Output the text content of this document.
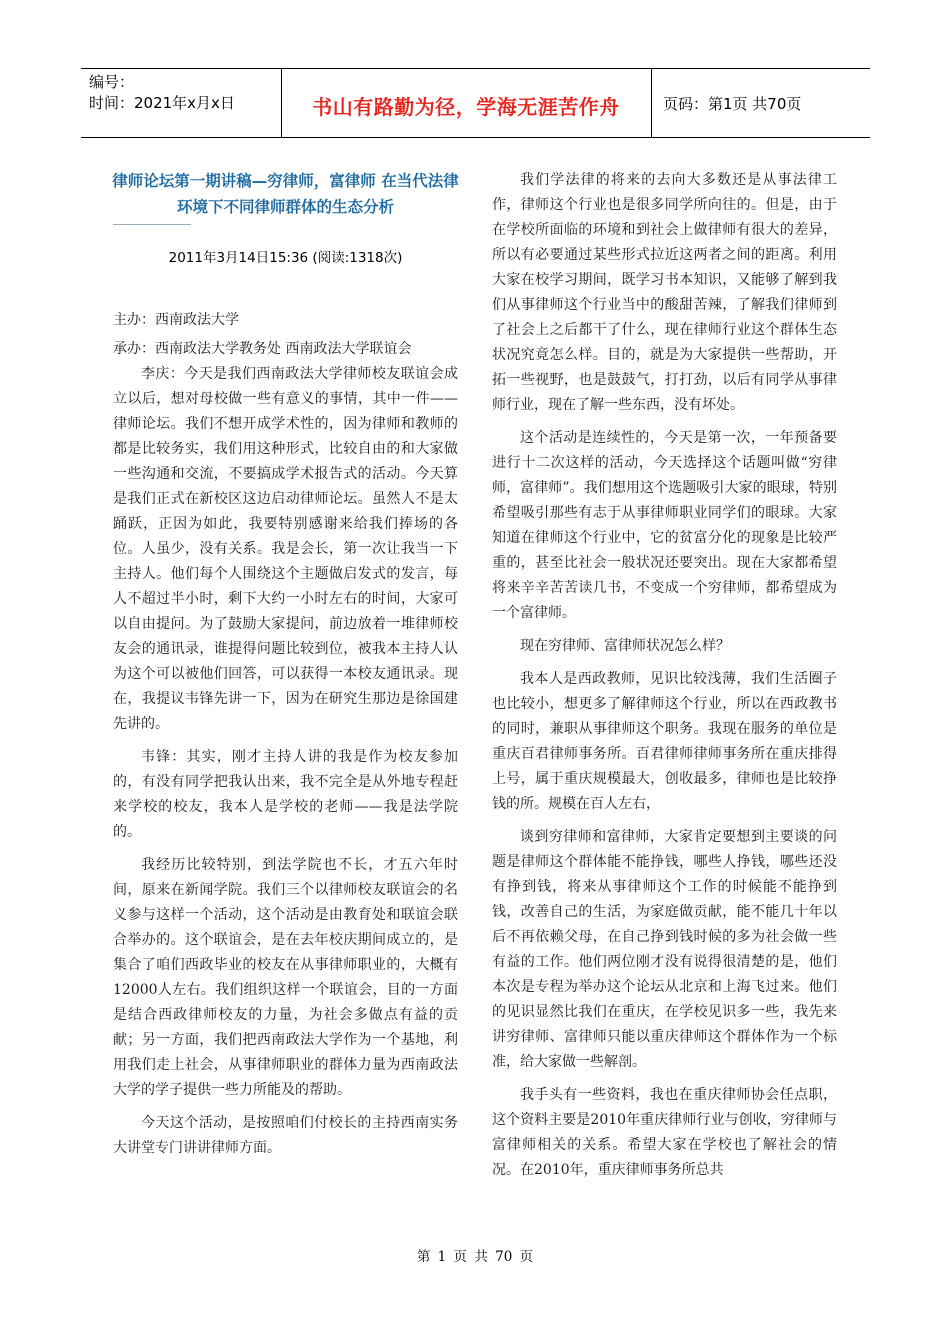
编号：
时间：2021年x月x日	书山有路勤为径，学海无涯苦作舟	页码：第1页 共70页
律师论坛第一期讲稿—穷律师，富律师 在当代法律环境下不同律师群体的生态分析
2011年3月14日15:36 (阅读:1318次)
主办：西南政法大学
承办：西南政法大学教务处 西南政法大学联谊会

李庆：今天是我们西南政法大学律师校友联谊会成立以后，想对母校做一些有意义的事情，其中一件——律师论坛。我们不想开成学术性的，因为律师和教师的都是比较务实，我们用这种形式，比较自由的和大家做一些沟通和交流，不要搞成学术报告式的活动。今天算是我们正式在新校区这边启动律师论坛。虽然人不是太踊跃，正因为如此，我要特别感谢来给我们捧场的各位。人虽少，没有关系。我是会长，第一次让我当一下主持人。他们每个人围绕这个主题做启发式的发言，每人不超过半小时，剩下大约一小时左右的时间，大家可以自由提问。为了鼓励大家提问，前边放着一堆律师校友会的通讯录，谁提得问题比较到位，被我本主持人认为这个可以被他们回答，可以获得一本校友通讯录。现在，我提议韦锋先讲一下，因为在研究生那边是徐国建先讲的。

韦锋：其实，刚才主持人讲的我是作为校友参加的，有没有同学把我认出来，我不完全是从外地专程赶来学校的校友，我本人是学校的老师——我是法学院的。

我经历比较特别，到法学院也不长，才五六年时间，原来在新闻学院。我们三个以律师校友联谊会的名义参与这样一个活动，这个活动是由教育处和联谊会联合举办的。这个联谊会，是在去年校庆期间成立的，是集合了咱们西政毕业的校友在从事律师职业的，大概有12000人左右。我们组织这样一个联谊会，目的一方面是结合西政律师校友的力量，为社会多做点有益的贡献；另一方面，我们把西南政法大学作为一个基地，利用我们走上社会，从事律师职业的群体力量为西南政法大学的学子提供一些力所能及的帮助。

今天这个活动，是按照咱们付校长的主持西南实务大讲堂专门讲讲律师方面。

我们学法律的将来的去向大多数还是从事法律工作，律师这个行业也是很多同学所向往的。但是，由于在学校所面临的环境和到社会上做律师有很大的差异，所以有必要通过某些形式拉近这两者之间的距离。利用大家在校学习期间，既学习书本知识，又能够了解到我们从事律师这个行业当中的酸甜苦辣，了解我们律师到了社会上之后都干了什么，现在律师行业这个群体生态状况究竟怎么样。目的，就是为大家提供一些帮助，开拓一些视野，也是鼓鼓气，打打劲，以后有同学从事律师行业，现在了解一些东西，没有坏处。

这个活动是连续性的，今天是第一次，一年预备要进行十二次这样的活动，今天选择这个话题叫做“穷律师，富律师”。我们想用这个选题吸引大家的眼球，特别希望吸引那些有志于从事律师职业同学们的眼球。大家知道在律师这个行业中，它的贫富分化的现象是比较严重的，甚至比社会一般状况还要突出。现在大家都希望将来辛辛苦苦读几书，不变成一个穷律师，都希望成为一个富律师。

现在穷律师、富律师状况怎么样？

我本人是西政教师，见识比较浅薄，我们生活圈子也比较小，想更多了解律师这个行业，所以在西政教书的同时，兼职从事律师这个职务。我现在服务的单位是重庆百君律师事务所。百君律师律师事务所在重庆排得上号，属于重庆规模最大，创收最多，律师也是比较挣钱的所。规模在百人左右，

谈到穷律师和富律师，大家肯定要想到主要谈的问题是律师这个群体能不能挣钱，哪些人挣钱，哪些还没有挣到钱，将来从事律师这个工作的时候能不能挣到钱，改善自己的生活，为家庭做贡献，能不能几十年以后不再依赖父母，在自己挣到钱时候的多为社会做一些有益的工作。他们两位刚才没有说得很清楚的是，他们本次是专程为举办这个论坛从北京和上海飞过来。他们的见识显然比我们在重庆，在学校见识多一些，我先来讲穷律师、富律师只能以重庆律师这个群体作为一个标准，给大家做一些解剖。

我手头有一些资料，我也在重庆律师协会任点职，这个资料主要是2010年重庆律师行业与创收，穷律师与富律师相关的关系。希望大家在学校也了解社会的情况。在2010年，重庆律师事务所总共

第 1 页 共 70 页
